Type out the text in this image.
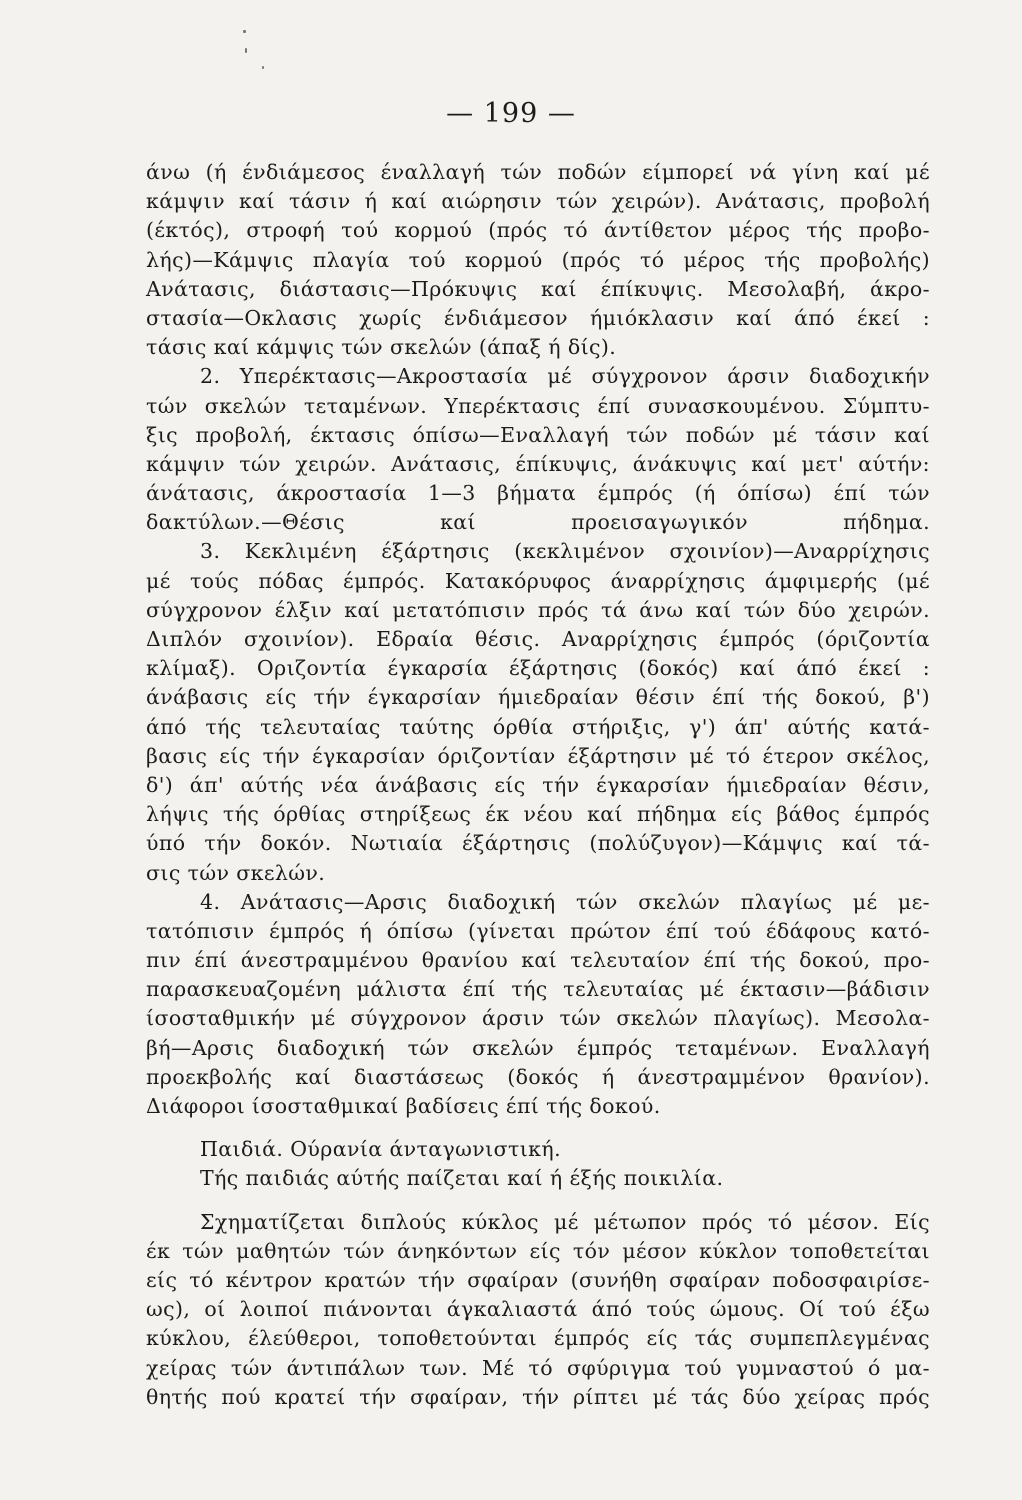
— 199 —
άνω (ή ένδιάμεσος έναλλαγή τών ποδών είμπορεί νά γίνη καί μέ
κάμψιν καί τάσιν ή καί αιώρησιν τών χειρών). Ανάτασις, προβολή
(έκτός), στροφή τού κορμού (πρός τό άντίθετον μέρος τής προβο-
λής)—Κάμψις πλαγία τού κορμού (πρός τό μέρος τής προβολής)
Ανάτασις, διάστασις—Πρόκυψις καί έπίκυψις. Μεσολαβή, άκρο-
στασία—Οκλασις χωρίς ένδιάμεσον ήμιόκλασιν καί άπό έκεί :
τάσις καί κάμψις τών σκελών (άπαξ ή δίς).
2. Υπερέκτασις—Ακροστασία μέ σύγχρονον άρσιν διαδοχικήν
τών σκελών τεταμένων. Υπερέκτασις έπί συνασκουμένου. Σύμπτυ-
ξις προβολή, έκτασις όπίσω—Εναλλαγή τών ποδών μέ τάσιν καί
κάμψιν τών χειρών. Ανάτασις, έπίκυψις, άνάκυψις καί μετ' αύτήν:
άνάτασις, άκροστασία 1—3 βήματα έμπρός (ή όπίσω) έπί τών
δακτύλων.—Θέσις καί προεισαγωγικόν πήδημα.
3. Κεκλιμένη έξάρτησις (κεκλιμένον σχοινίον)—Αναρρίχησις
μέ τούς πόδας έμπρός. Κατακόρυφος άναρρίχησις άμφιμερής (μέ
σύγχρονον έλξιν καί μετατόπισιν πρός τά άνω καί τών δύο χειρών.
Διπλόν σχοινίον). Εδραία θέσις. Αναρρίχησις έμπρός (όριζοντία
κλίμαξ). Οριζοντία έγκαρσία έξάρτησις (δοκός) καί άπό έκεί :
άνάβασις είς τήν έγκαρσίαν ήμιεδραίαν θέσιν έπί τής δοκού, β')
άπό τής τελευταίας ταύτης όρθία στήριξις, γ') άπ' αύτής κατά-
βασις είς τήν έγκαρσίαν όριζοντίαν έξάρτησιν μέ τό έτερον σκέλος,
δ') άπ' αύτής νέα άνάβασις είς τήν έγκαρσίαν ήμιεδραίαν θέσιν,
λήψις τής όρθίας στηρίξεως έκ νέου καί πήδημα είς βάθος έμπρός
ύπό τήν δοκόν. Νωτιαία έξάρτησις (πολύζυγον)—Κάμψις καί τά-
σις τών σκελών.
4. Ανάτασις—Αρσις διαδοχική τών σκελών πλαγίως μέ με-
τατόπισιν έμπρός ή όπίσω (γίνεται πρώτον έπί τού έδάφους κατό-
πιν έπί άνεστραμμένου θρανίου καί τελευταίον έπί τής δοκού, προ-
παρασκευαζομένη μάλιστα έπί τής τελευταίας μέ έκτασιν—βάδισιν
ίσοσταθμικήν μέ σύγχρονον άρσιν τών σκελών πλαγίως). Μεσολα-
βή—Αρσις διαδοχική τών σκελών έμπρός τεταμένων. Εναλλαγή
προεκβολής καί διαστάσεως (δοκός ή άνεστραμμένον θρανίον).
Διάφοροι ίσοσταθμικαί βαδίσεις έπί τής δοκού.
Παιδιά. Ούρανία άνταγωνιστική.
Τής παιδιάς αύτής παίζεται καί ή έξής ποικιλία.
Σχηματίζεται διπλούς κύκλος μέ μέτωπον πρός τό μέσον. Είς
έκ τών μαθητών τών άνηκόντων είς τόν μέσον κύκλον τοποθετείται
είς τό κέντρον κρατών τήν σφαίραν (συνήθη σφαίραν ποδοσφαιρίσε-
ως), οί λοιποί πιάνονται άγκαλιαστά άπό τούς ώμους. Οί τού έξω
κύκλου, έλεύθεροι, τοποθετούνται έμπρός είς τάς συμπεπλεγμένας
χείρας τών άντιπάλων των. Μέ τό σφύριγμα τού γυμναστού ό μα-
θητής πού κρατεί τήν σφαίραν, τήν ρίπτει μέ τάς δύο χείρας πρός
